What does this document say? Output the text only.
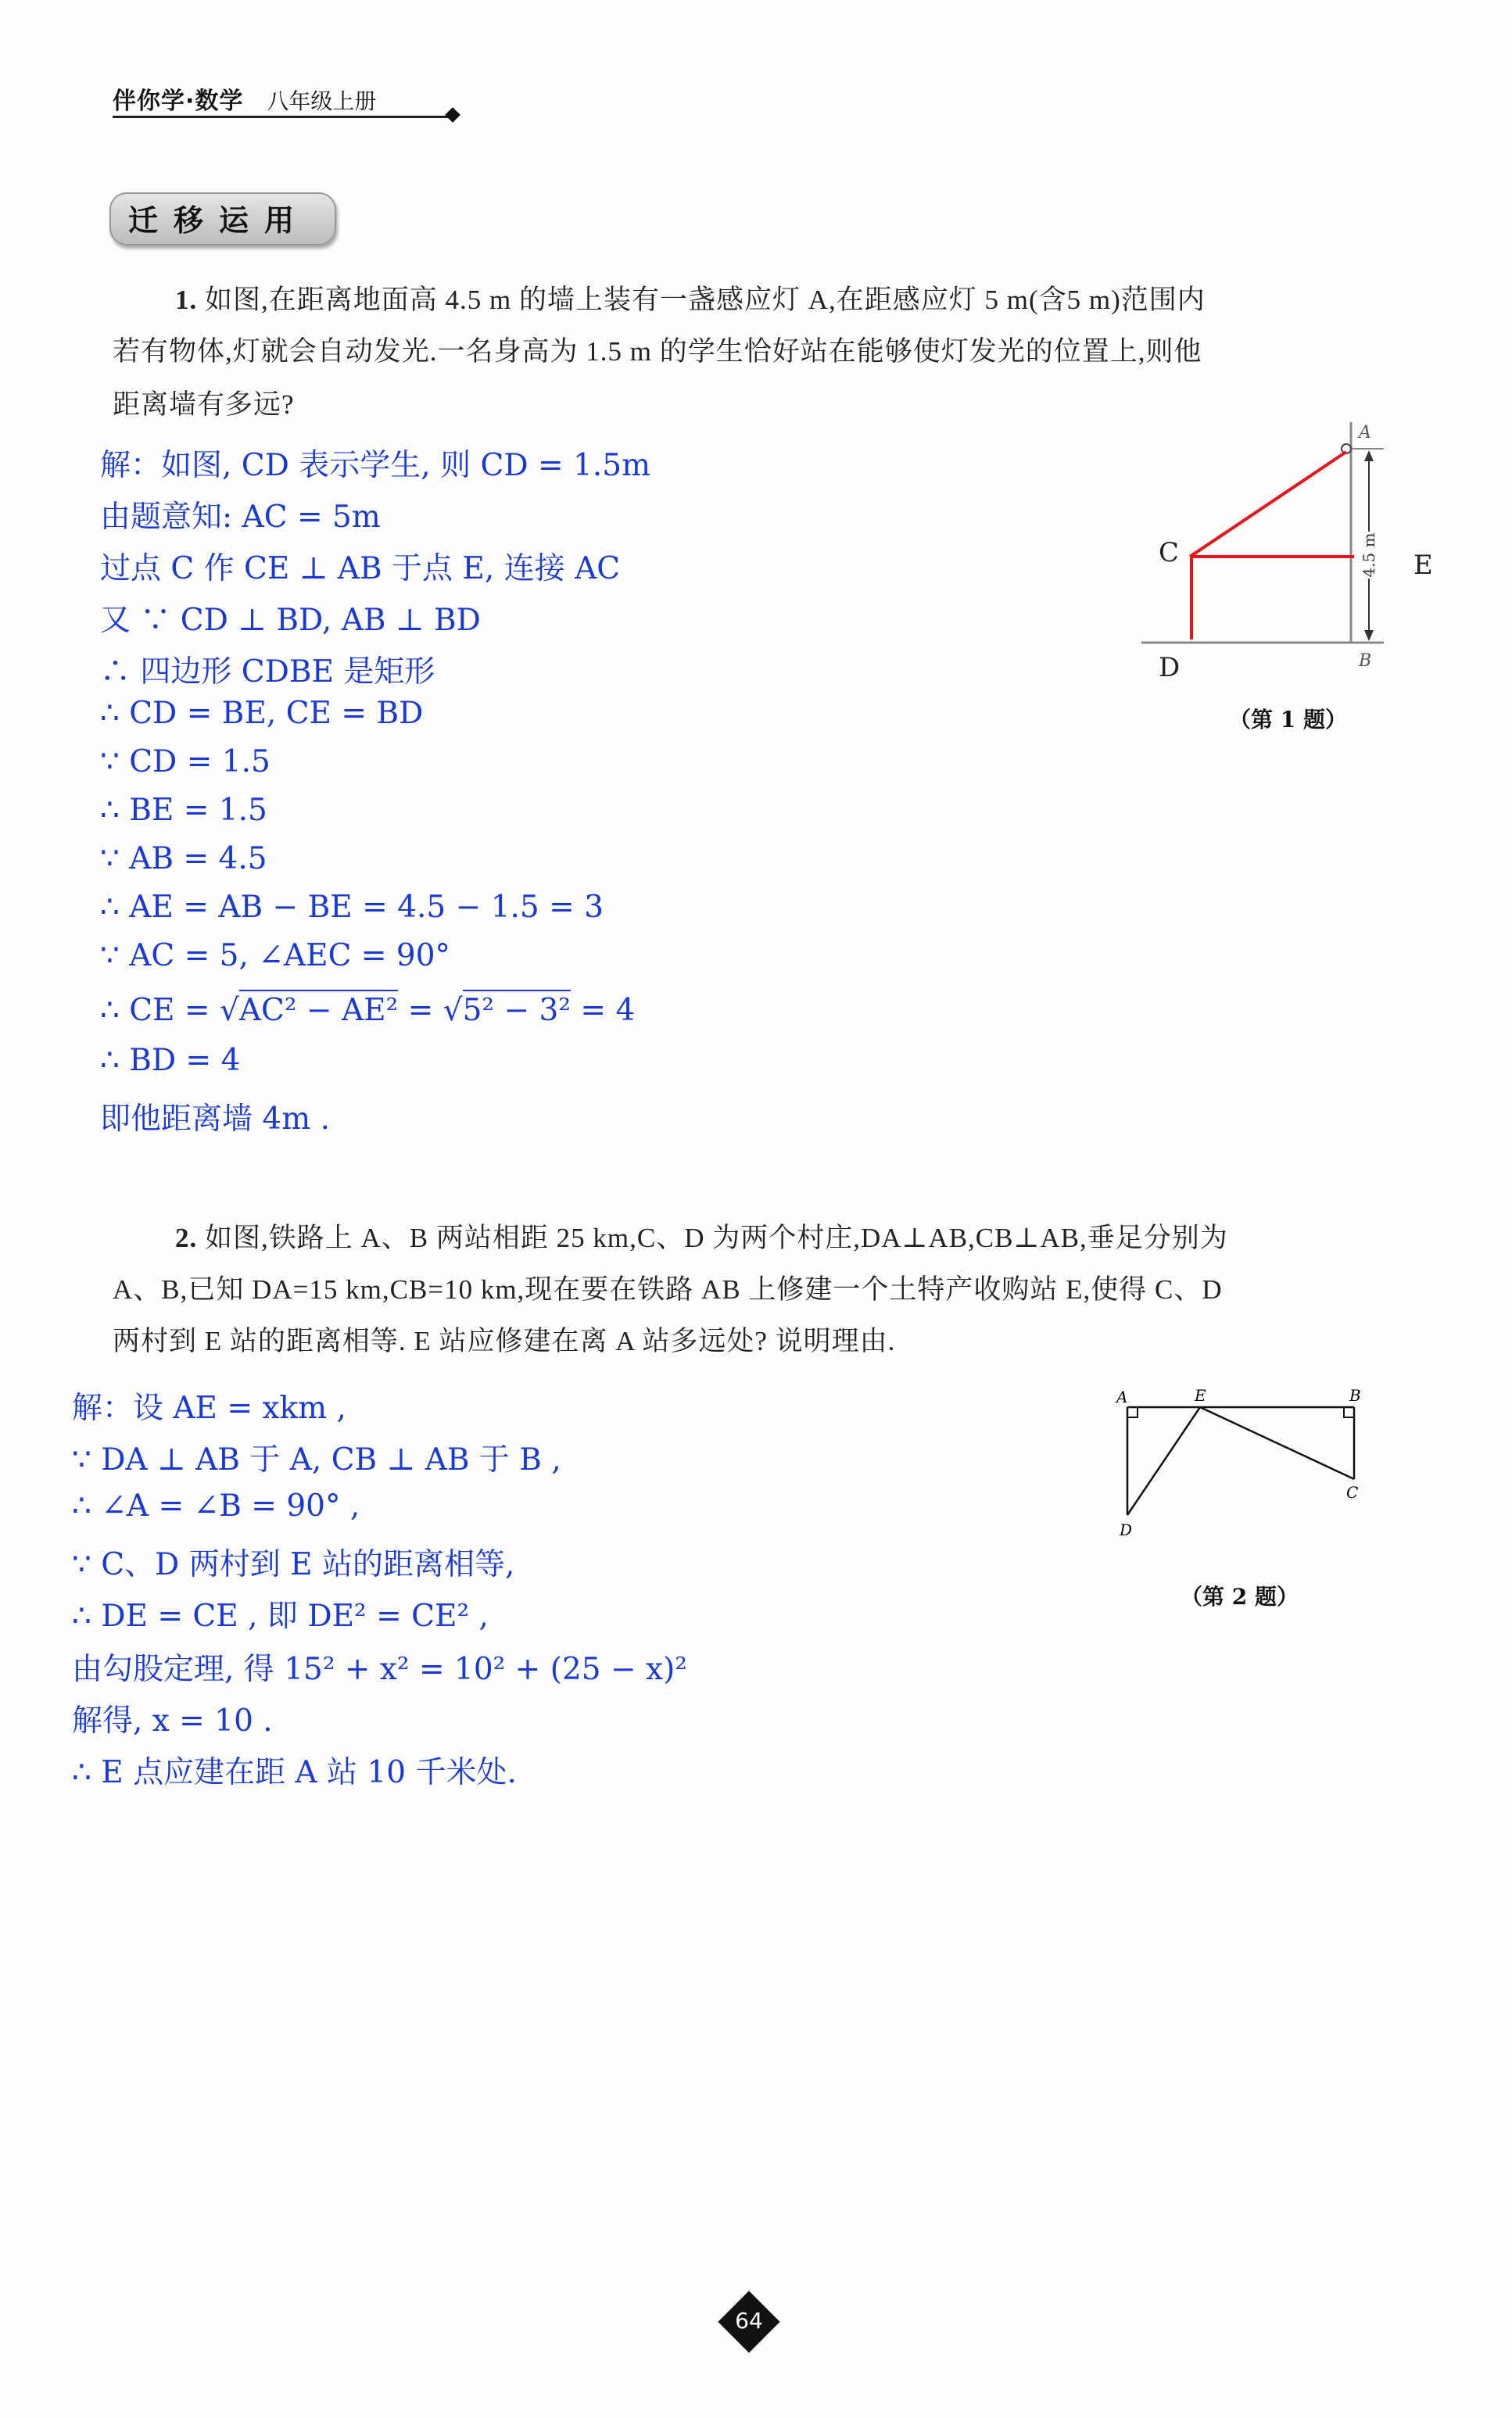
伴你学·数学 八年级上册
迁移运用
1. 如图,在距离地面高 4.5 m 的墙上装有一盏感应灯 A,在距感应灯 5 m(含5 m)范围内
若有物体,灯就会自动发光.一名身高为 1.5 m 的学生恰好站在能够使灯发光的位置上,则他
距离墙有多远?
解：如图, CD 表示学生, 则 CD = 1.5m
由题意知: AC = 5m
过点 C 作 CE ⊥ AB 于点 E, 连接 AC
又 ∵ CD ⊥ BD, AB ⊥ BD
∴ 四边形 CDBE 是矩形
∴ CD = BE, CE = BD
∵ CD = 1.5
∴ BE = 1.5
∵ AB = 4.5
∴ AE = AB − BE = 4.5 − 1.5 = 3
∵ AC = 5, ∠AEC = 90°
∴ CE = √AC² − AE² = √5² − 3² = 4
∴ BD = 4
即他距离墙 4m .
4.5 m
A
B
C
D
E
（第 1 题）
2. 如图,铁路上 A、B 两站相距 25 km,C、D 为两个村庄,DA⊥AB,CB⊥AB,垂足分别为
A、B,已知 DA=15 km,CB=10 km,现在要在铁路 AB 上修建一个土特产收购站 E,使得 C、D
两村到 E 站的距离相等. E 站应修建在离 A 站多远处? 说明理由.
解：设 AE = xkm ,
∵ DA ⊥ AB 于 A, CB ⊥ AB 于 B ,
∴ ∠A = ∠B = 90° ,
∵ C、D 两村到 E 站的距离相等,
∴ DE = CE , 即 DE² = CE² ,
由勾股定理, 得 15² + x² = 10² + (25 − x)²
解得, x = 10 .
∴ E 点应建在距 A 站 10 千米处.
A	E	B
C
D
（第 2 题）
64
